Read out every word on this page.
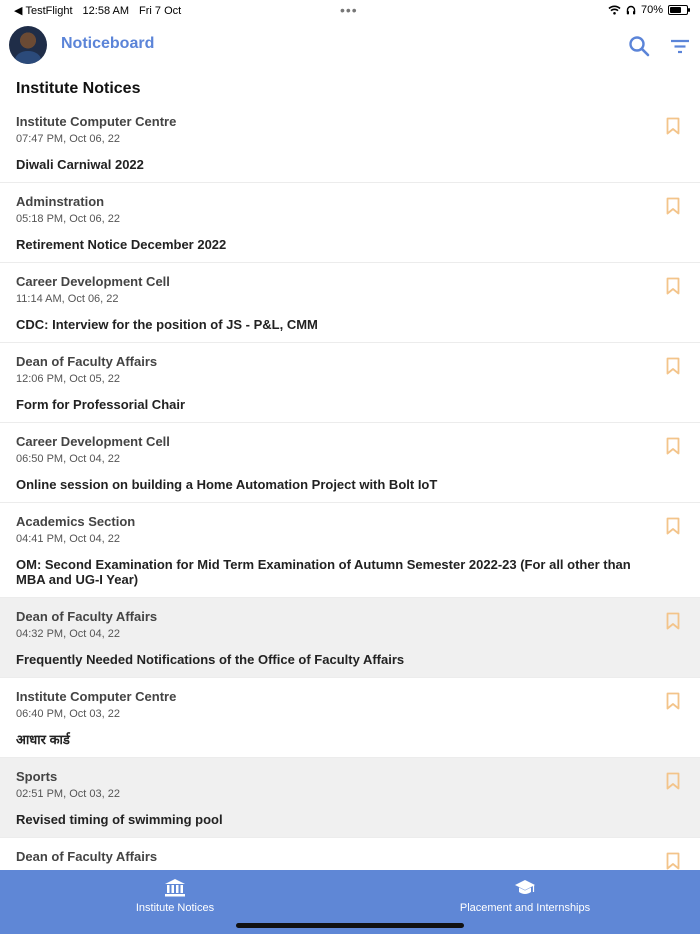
◀ TestFlight 12:58 AM Fri 7 Oct	•••	70%
Noticeboard
Institute Notices
Institute Computer Centre
07:47 PM, Oct 06, 22
Diwali Carniwal 2022
Adminstration
05:18 PM, Oct 06, 22
Retirement Notice December 2022
Career Development Cell
11:14 AM, Oct 06, 22
CDC: Interview for the position of JS - P&L, CMM
Dean of Faculty Affairs
12:06 PM, Oct 05, 22
Form for Professorial Chair
Career Development Cell
06:50 PM, Oct 04, 22
Online session on building a Home Automation Project with Bolt IoT
Academics Section
04:41 PM, Oct 04, 22
OM: Second Examination for Mid Term Examination of Autumn Semester 2022-23 (For all other than MBA and UG-I Year)
Dean of Faculty Affairs
04:32 PM, Oct 04, 22
Frequently Needed Notifications of the Office of Faculty Affairs
Institute Computer Centre
06:40 PM, Oct 03, 22
आधार कार्ड
Sports
02:51 PM, Oct 03, 22
Revised timing of swimming pool
Dean of Faculty Affairs
Institute Notices	Placement and Internships
